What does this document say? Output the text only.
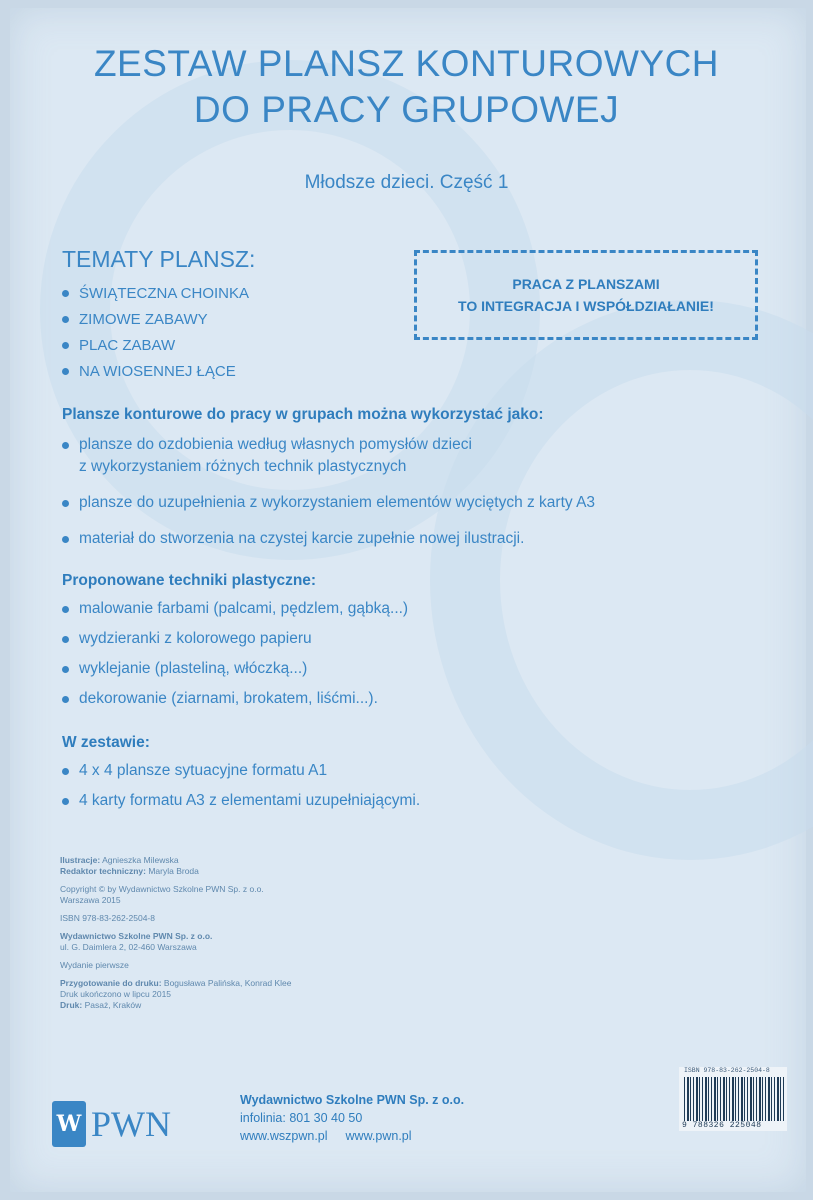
ZESTAW PLANSZ KONTUROWYCH
DO PRACY GRUPOWEJ
Młodsze dzieci. Część 1
TEMATY PLANSZ:
ŚWIĄTECZNA CHOINKA
ZIMOWE ZABAWY
PLAC ZABAW
NA WIOSENNEJ ŁĄCE
PRACA Z PLANSZAMI
TO INTEGRACJA I WSPÓŁDZIAŁANIE!
Plansze konturowe do pracy w grupach można wykorzystać jako:
plansze do ozdobienia według własnych pomysłów dzieci
z wykorzystaniem różnych technik plastycznych
plansze do uzupełnienia z wykorzystaniem elementów wyciętych z karty A3
materiał do stworzenia na czystej karcie zupełnie nowej ilustracji.
Proponowane techniki plastyczne:
malowanie farbami (palcami, pędzlem, gąbką...)
wydzieranki z kolorowego papieru
wyklejanie (plasteliną, włóczką...)
dekorowanie (ziarnami, brokatem, liśćmi...).
W zestawie:
4 x 4 plansze sytuacyjne formatu A1
4 karty formatu A3 z elementami uzupełniającymi.
Ilustracje: Agnieszka Milewska
Redaktor techniczny: Maryla Broda
Copyright © by Wydawnictwo Szkolne PWN Sp. z o.o.
Warszawa 2015
ISBN 978-83-262-2504-8
Wydawnictwo Szkolne PWN Sp. z o.o.
ul. G. Daimlera 2, 02-460 Warszawa
Wydanie pierwsze
Przygotowanie do druku: Bogusława Palińska, Konrad Klee
Druk ukończono w lipcu 2015
Druk: Pasaż, Kraków
W PWN
Wydawnictwo Szkolne PWN Sp. z o.o.
infolinia: 801 30 40 50
www.wszpwn.pl www.pwn.pl
ISBN 978-83-262-2504-8
9 788326 225048
